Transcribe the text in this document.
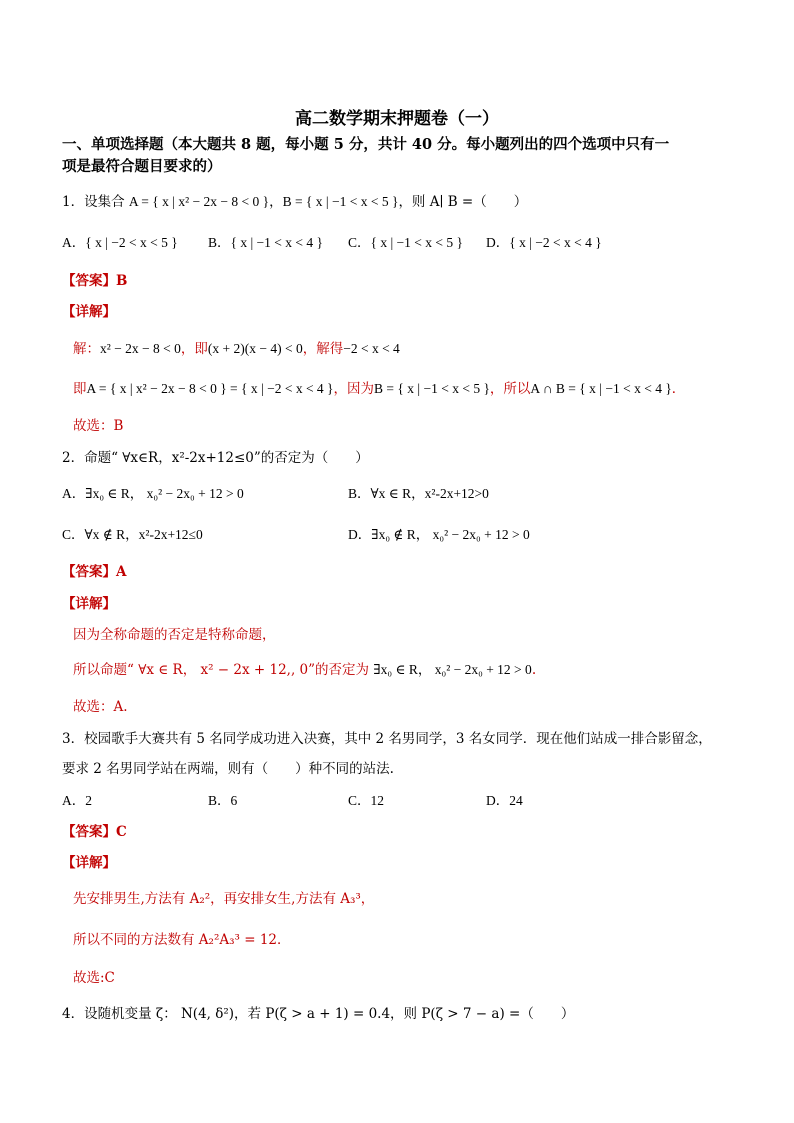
高二数学期末押题卷（一）
一、单项选择题（本大题共 8 题，每小题 5 分，共计 40 分。每小题列出的四个选项中只有一
项是最符合题目要求的）
1．设集合 A = { x | x² − 2x − 8 < 0 }，B = { x | −1 < x < 5 }，则 A∣ B =（　　）
A．{ x | −2 < x < 5 } B．{ x | −1 < x < 4 } C．{ x | −1 < x < 5 } D．{ x | −2 < x < 4 }
【答案】B
【详解】
解：x² − 2x − 8 < 0，即(x + 2)(x − 4) < 0，解得−2 < x < 4
即A = { x | x² − 2x − 8 < 0 } = { x | −2 < x < 4 }，因为B = { x | −1 < x < 5 }，所以A ∩ B = { x | −1 < x < 4 }．
故选：B
2．命题“ ∀x∈R，x²-2x+12≤0”的否定为（　　）
A．∃x₀ ∈ R， x₀² − 2x₀ + 12 > 0	B．∀x ∈ R，x²-2x+12>0
C．∀x ∉ R，x²-2x+12≤0	D．∃x₀ ∉ R， x₀² − 2x₀ + 12 > 0
【答案】A
【详解】
因为全称命题的否定是特称命题，
所以命题“ ∀x ∈ R， x² − 2x + 12,, 0”的否定为 ∃x₀ ∈ R， x₀² − 2x₀ + 12 > 0.
故选：A.
3．校园歌手大赛共有 5 名同学成功进入决赛，其中 2 名男同学，3 名女同学．现在他们站成一排合影留念，
要求 2 名男同学站在两端，则有（　　）种不同的站法.
A．2	B．6	C．12	D．24
【答案】C
【详解】
先安排男生,方法有 A₂²，再安排女生,方法有 A₃³，
所以不同的方法数有 A₂²A₃³ = 12．
故选:C
4．设随机变量 ζ： N(4, δ²)，若 P(ζ > a + 1) = 0.4，则 P(ζ > 7 − a) =（　　）
